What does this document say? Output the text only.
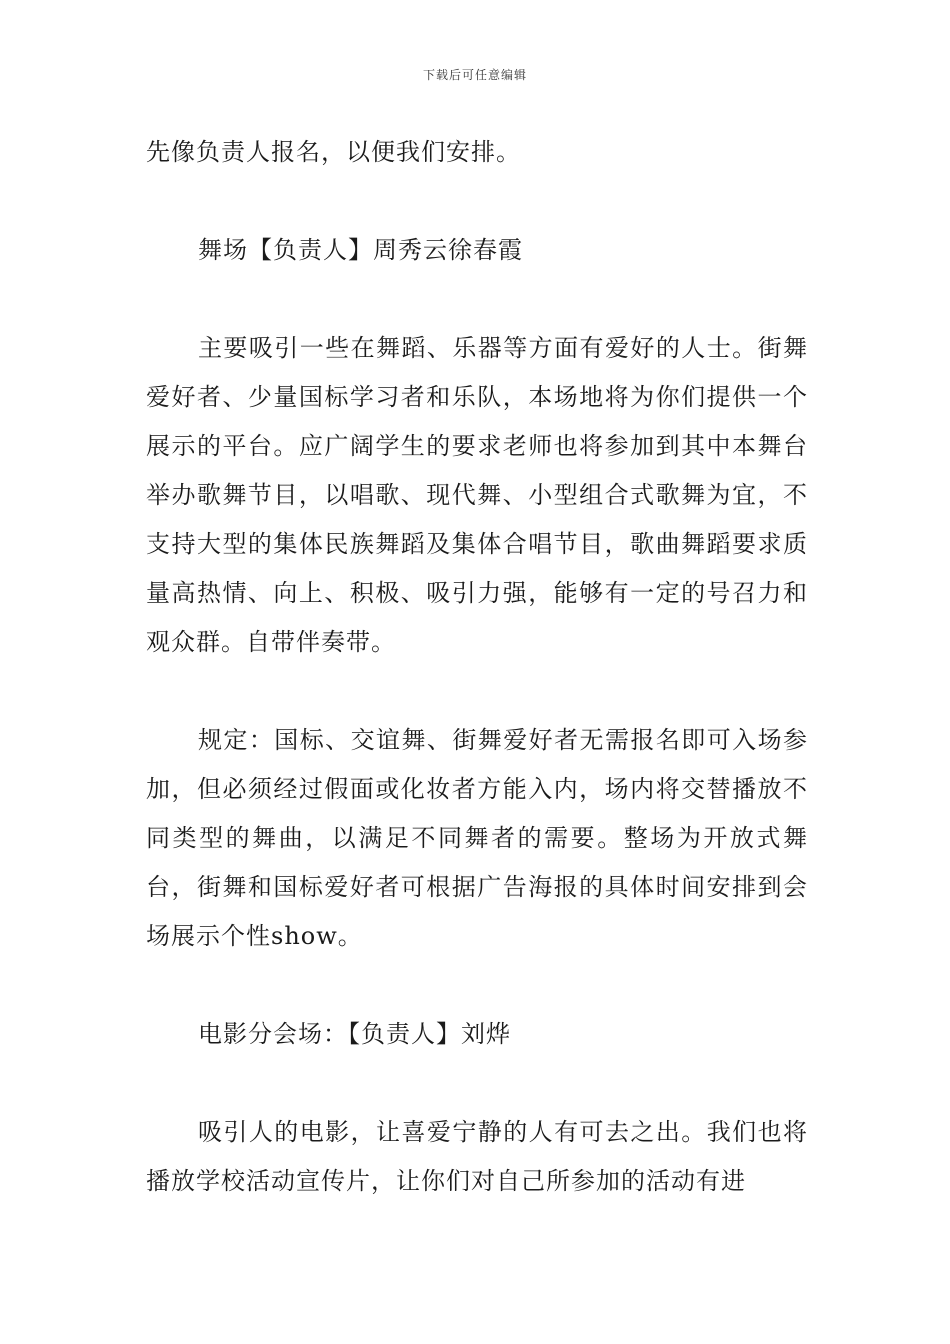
下载后可任意编辑

先像负责人报名，以便我们安排。

舞场【负责人】周秀云徐春霞

主要吸引一些在舞蹈、乐器等方面有爱好的人士。街舞爱好者、少量国标学习者和乐队，本场地将为你们提供一个展示的平台。应广阔学生的要求老师也将参加到其中本舞台举办歌舞节目，以唱歌、现代舞、小型组合式歌舞为宜，不支持大型的集体民族舞蹈及集体合唱节目，歌曲舞蹈要求质量高热情、向上、积极、吸引力强，能够有一定的号召力和观众群。自带伴奏带。

规定：国标、交谊舞、街舞爱好者无需报名即可入场参加，但必须经过假面或化妆者方能入内，场内将交替播放不同类型的舞曲，以满足不同舞者的需要。整场为开放式舞台，街舞和国标爱好者可根据广告海报的具体时间安排到会场展示个性show。

电影分会场：【负责人】刘烨

吸引人的电影，让喜爱宁静的人有可去之出。我们也将播放学校活动宣传片，让你们对自己所参加的活动有进
